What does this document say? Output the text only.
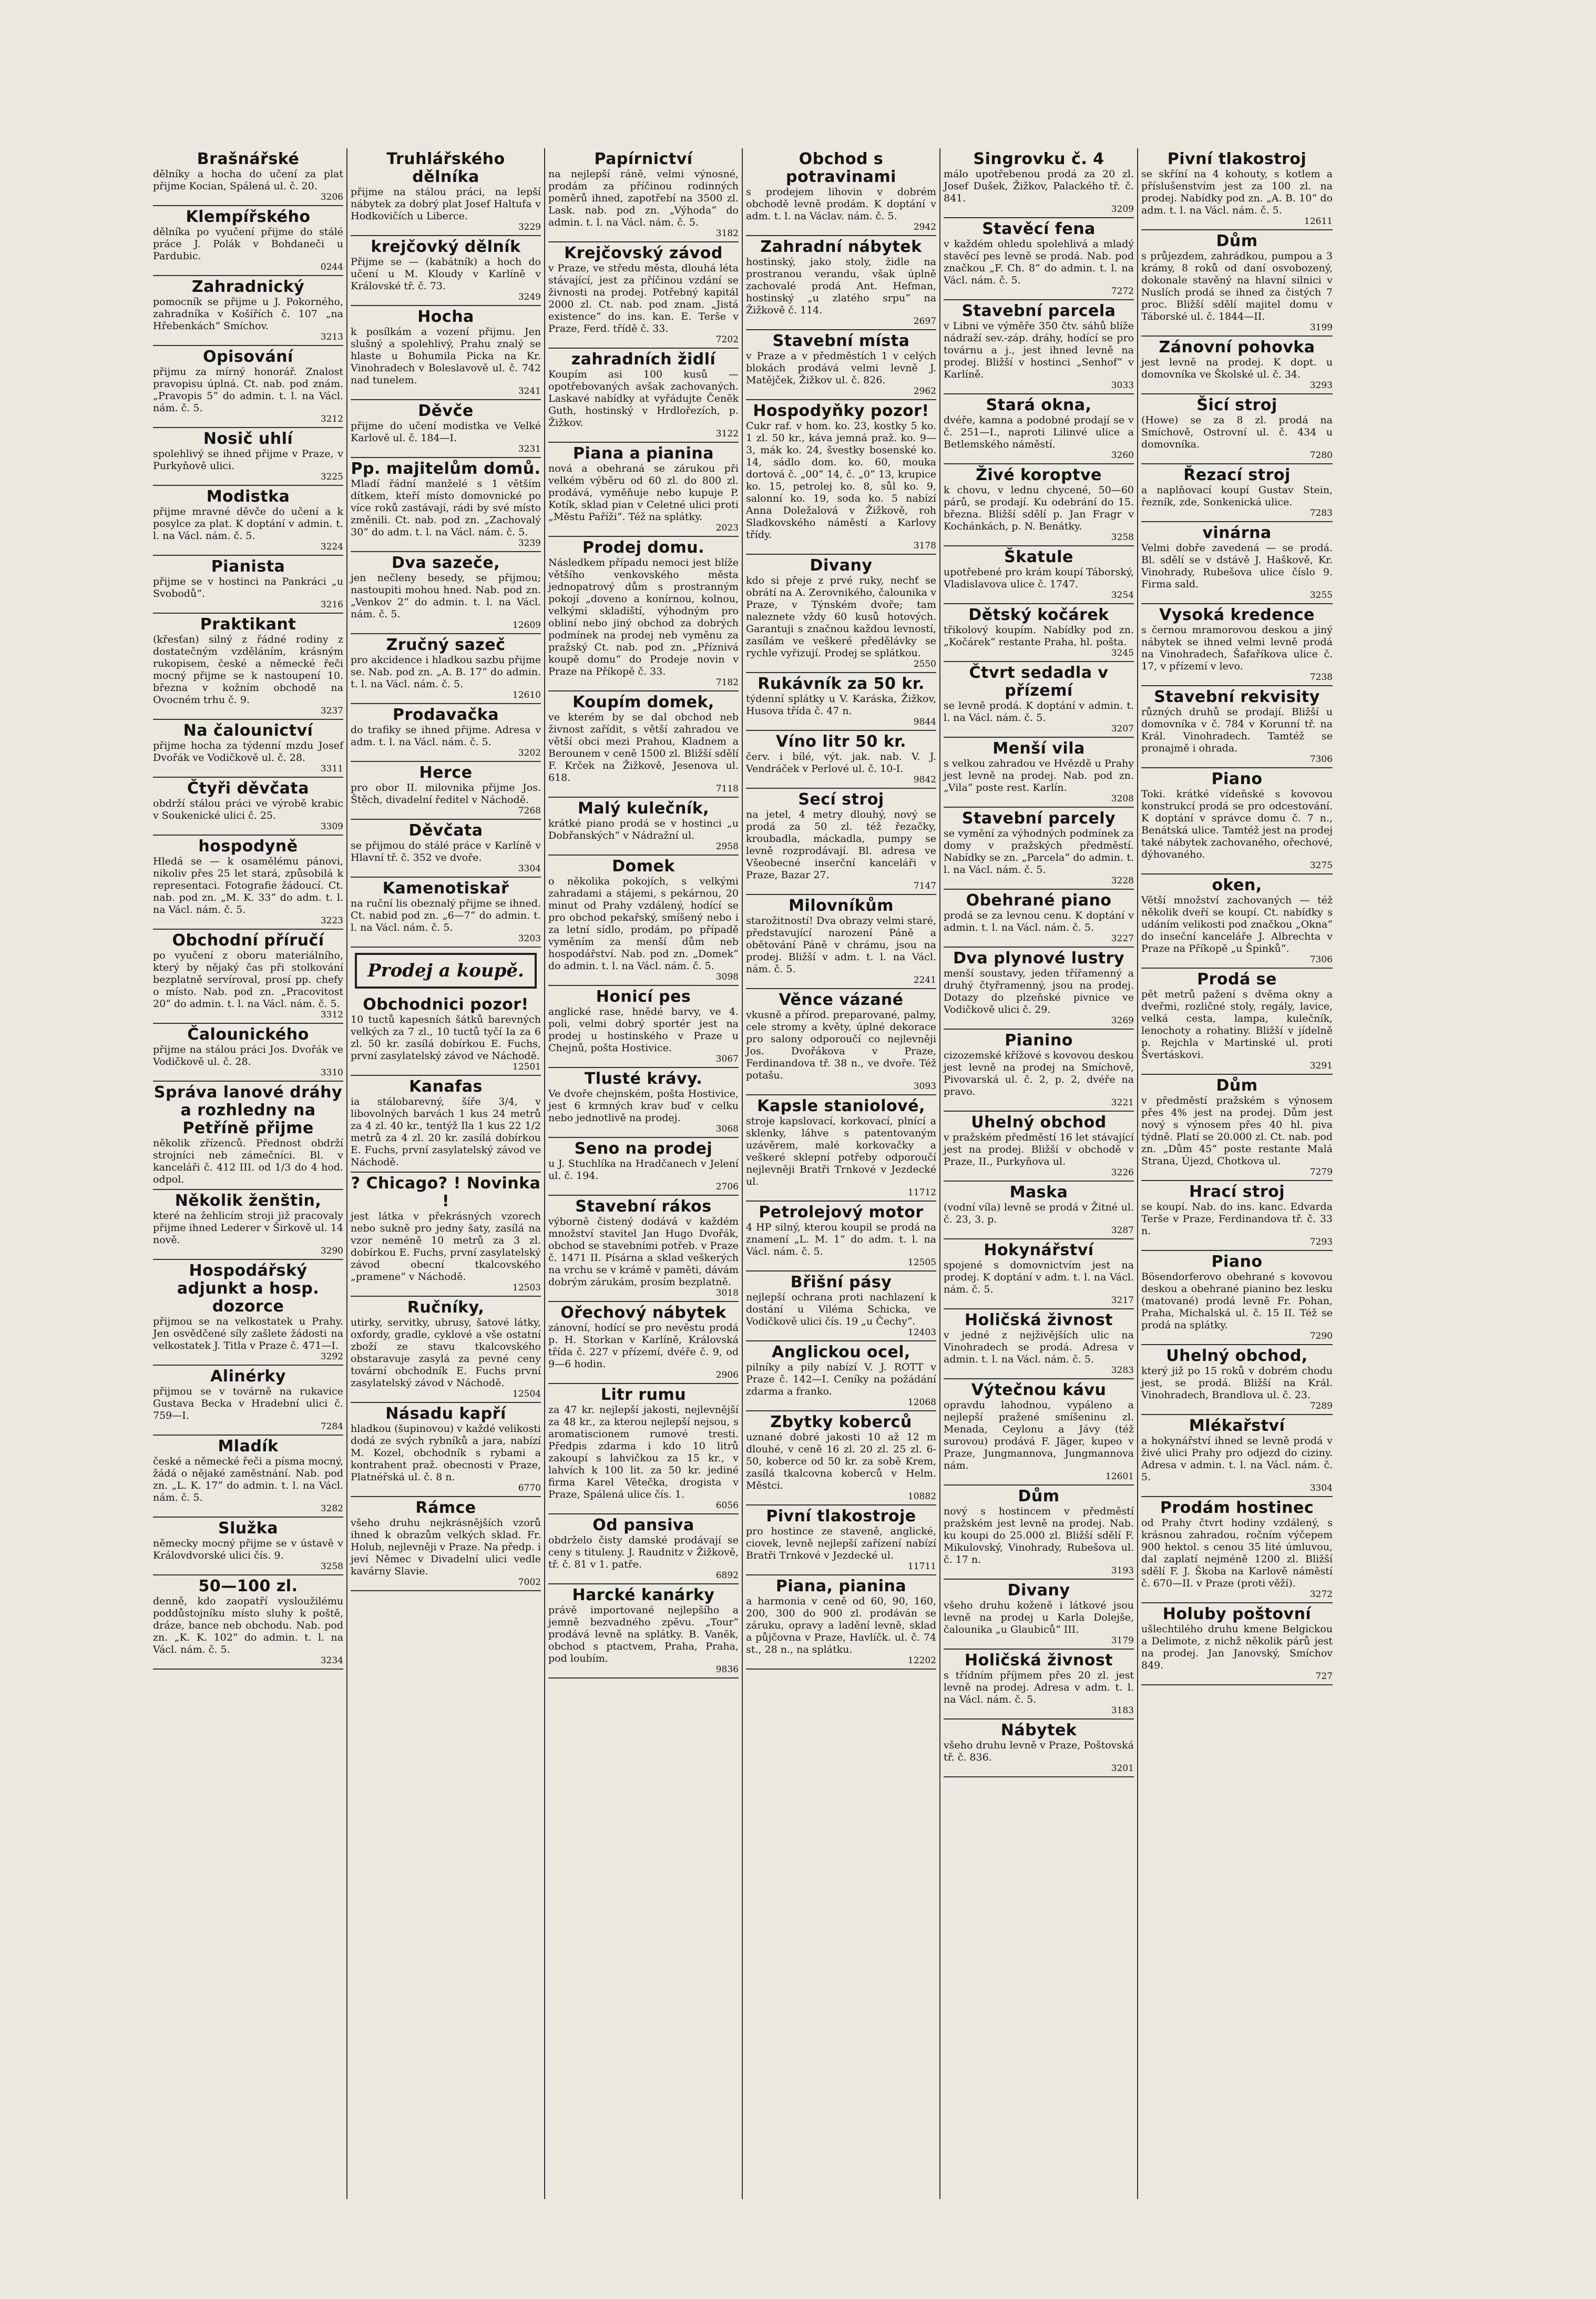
Brašnářské
dělníky a hocha do učení za plat přijme Kocian, Spálená ul. č. 20.
3206
Klempířského
dělníka po vyučení přijme do stálé práce J. Polák v Bohdaneči u Pardubic.
0244
Zahradnický
pomocník se přijme u J. Pokorného, zahradníka v Košířích č. 107 „na Hřebenkách“ Smíchov.
3213
Opisování
přijmu za mírný honorář. Znalost pravopisu úplná. Ct. nab. pod znám. „Pravopis 5“ do admin. t. l. na Václ. nám. č. 5.
3212
Nosič uhlí
spolehlivý se ihned přijme v Praze, v Purkyňově ulici.
3225
Modistka
přijme mravné děvče do učení a k posylce za plat. K doptání v admin. t. l. na Václ. nám. č. 5.
3224
Pianista
přijme se v hostinci na Pankráci „u Svobodů“.
3216
Praktikant
(křesťan) silný z řádné rodiny z dostatečným vzděláním, krásným rukopisem, české a německé řeči mocný přijme se k nastoupení 10. března v kožním obchodě na Ovocném trhu č. 9.
3237
Na čalounictví
přijme hocha za týdenní mzdu Josef Dvořák ve Vodičkově ul. č. 28.
3311
Čtyři děvčata
obdrží stálou práci ve výrobě krabic v Soukenické ulici č. 25.
3309
hospodyně
Hledá se — k osamělému pánovi, nikoliv přes 25 let stará, způsobilá k representaci. Fotografie žádoucí. Ct. nab. pod zn. „M. K. 33“ do adm. t. l. na Václ. nám. č. 5.
3223
Obchodní příručí
po vyučení z oboru materiálního, který by nějaký čas při stolkování bezplatně servíroval, prosí pp. chefy o místo. Nab. pod zn. „Pracovitost 20“ do admin. t. l. na Václ. nám. č. 5.
3312
Čalounického
přijme na stálou práci Jos. Dvořák ve Vodičkově ul. č. 28.
3310
Správa lanové dráhy a rozhledny na Petříně přijme
několik zřízenců. Přednost obdrží strojníci neb zámečníci. Bl. v kanceláři č. 412 III. od 1/3 do 4 hod. odpol.
Několik ženštin,
které na žehlicím stroji již pracovaly přijme ihned Lederer v Širkově ul. 14 nově.
3290
Hospodářský adjunkt a hosp. dozorce
přijmou se na velkostatek u Prahy. Jen osvědčené síly zašlete žádosti na velkostatek J. Titla v Praze č. 471—I.
3292
Alinérky
přijmou se v továrně na rukavice Gustava Becka v Hradební ulici č. 759—I.
7284
Mladík
české a německé řeči a písma mocný, žádá o nějaké zaměstnání. Nab. pod zn. „L. K. 17“ do admin. t. l. na Václ. nám. č. 5.
3282
Služka
německy mocný přijme se v ústavě v Královdvorské ulici čís. 9.
3258
50—100 zl.
denně, kdo zaopatří vysloužilému poddůstojníku místo sluhy k poště, dráze, bance neb obchodu. Nab. pod zn. „K. K. 102“ do admin. t. l. na Václ. nám. č. 5.
3234
Truhlářského dělníka
přijme na stálou práci, na lepší nábytek za dobrý plat Josef Haltufa v Hodkovičích u Liberce.
3229
krejčovký dělník
Přijme se — (kabátník) a hoch do učení u M. Kloudy v Karlíně v Královské tř. č. 73.
3249
Hocha
k posílkám a vození přijmu. Jen slušný a spolehlivý, Prahu znalý se hlaste u Bohumila Picka na Kr. Vinohradech v Boleslavově ul. č. 742 nad tunelem.
3241
Děvče
přijme do učení modistka ve Velké Karlově ul. č. 184—I.
3231
Pp. majitelům domů.
Mladí řádní manželé s 1 větším dítkem, kteří místo domovnické po více roků zastávají, rádi by své místo změnili. Ct. nab. pod zn. „Zachovalý 30“ do adm. t. l. na Václ. nám. č. 5.
3239
Dva sazeče,
jen nečleny besedy, se přijmou; nastoupiti mohou hned. Nab. pod zn. „Venkov 2“ do admin. t. l. na Václ. nám. č. 5.
12609
Zručný sazeč
pro akcidence i hladkou sazbu přijme se. Nab. pod zn. „A. B. 17“ do admin. t. l. na Václ. nám. č. 5.
12610
Prodavačka
do trafiky se ihned přijme. Adresa v adm. t. l. na Václ. nám. č. 5.
3202
Herce
pro obor II. milovnika přijme Jos. Štěch, divadelní ředitel v Náchodě.
7268
Děvčata
se přijmou do stálé práce v Karlíně v Hlavní tř. č. 352 ve dvoře.
3304
Kamenotiskař
na ruční lis obeznalý přijme se ihned. Ct. nabid pod zn. „6—7“ do admin. t. l. na Václ. nám. č. 5.
3203
Prodej a koupě.
Obchodnici pozor!
10 tuctů kapesních šátků barevných velkých za 7 zl., 10 tuctů tyčí Ia za 6 zl. 50 kr. zasílá dobírkou E. Fuchs, první zasylatelský závod ve Náchodě.
12501
Kanafas
ia stálobarevný, šíře 3/4, v libovolných barvách 1 kus 24 metrů za 4 zl. 40 kr., tentýž Ila 1 kus 22 1/2 metrů za 4 zl. 20 kr. zasílá dobírkou E. Fuchs, první zasylatelský závod ve Náchodě.
? Chicago? ! Novinka !
jest látka v překrásných vzorech nebo sukně pro jedny šaty, zasílá na vzor neméně 10 metrů za 3 zl. dobírkou E. Fuchs, první zasylatelský závod obecní tkalcovského „pramene“ v Náchodě.
12503
Ručníky,
utirky, servitky, ubrusy, šatové látky, oxfordy, gradle, cyklové a vše ostatní zboží ze stavu tkalcovského obstaravuje zasylá za pevné ceny tovární obchodník E. Fuchs první zasylatelský závod v Náchodě.
12504
Násadu kapří
hladkou (šupinovou) v každé velikosti dodá ze svých rybníků a jara, nabízí M. Kozel, obchodník s rybami a kontrahent praž. obecnosti v Praze, Platnéřská ul. č. 8 n.
6770
Rámce
všeho druhu nejkrásnějších vzorů ihned k obrazům velkých sklad. Fr. Holub, nejlevněji v Praze. Na předp. i jeví Němec v Divadelní ulici vedle kavárny Slavie.
7002
Papírnictví
na nejlepší ráně, velmi výnosné, prodám za příčinou rodinných poměrů ihned, zapotřebí na 3500 zl. Lask. nab. pod zn. „Výhoda“ do admin. t. l. na Václ. nám. č. 5.
3182
Krejčovský závod
v Praze, ve středu města, dlouhá léta stávající, jest za příčinou vzdání se živnosti na prodej. Potřebný kapitál 2000 zl. Ct. nab. pod znam. „Jistá existence“ do ins. kan. E. Terše v Praze, Ferd. třídě č. 33.
7202
zahradních židlí
Koupím asi 100 kusů — opotřebovaných avšak zachovaných. Laskavé nabídky at vyřádujte Čeněk Guth, hostinský v Hrdlořezích, p. Žižkov.
3122
Piana a pianina
nová a obehraná se zárukou při velkém výběru od 60 zl. do 800 zl. prodává, vyměňuje nebo kupuje P. Kotík, sklad pian v Celetné ulici proti „Městu Paříži“. Též na splátky.
2023
Prodej domu.
Následkem případu nemoci jest blíže většího venkovského města jednopatrový dům s prostranným pokojí „doveno a konírnou, kolnou, velkými skladiští, výhodným pro obliní nebo jiný obchod za dobrých podmínek na prodej neb vyměnu za pražský Ct. nab. pod zn. „Příznivá koupě domu“ do Prodeje novin v Praze na Příkopě č. 33.
7182
Koupím domek,
ve kterém by se dal obchod neb živnost zařídit, s větší zahradou ve větší obci mezi Prahou, Kladnem a Berounem v ceně 1500 zl. Bližší sdělí F. Krček na Žižkově, Jesenova ul. 618.
7118
Malý kulečník,
krátké piano prodá se v hostinci „u Dobřanských“ v Nádražní ul.
2958
Domek
o několika pokojích, s velkými zahradami a stájemi, s pekárnou, 20 minut od Prahy vzdálený, hodící se pro obchod pekařský, smíšený nebo i za letní sídlo, prodám, po případě vyměním za menší dům neb hospodářství. Nab. pod zn. „Domek“ do admin. t. l. na Václ. nám. č. 5.
3098
Honicí pes
anglické rase, hnědé barvy, ve 4. poli, velmi dobrý sportér jest na prodej u hostinského v Praze u Chejnů, pošta Hostivice.
3067
Tlusté krávy.
Ve dvoře chejnském, pošta Hostivice, jest 6 krmných krav buď v celku nebo jednotlivě na prodej.
3068
Seno na prodej
u J. Stuchlíka na Hradčanech v Jelení ul. č. 194.
2706
Stavební rákos
výborně čistený dodává v každém množství stavitel Jan Hugo Dvořák, obchod se stavebními potřeb. v Praze č. 1471 II. Písárna a sklad veškerých na vrchu se v krámě v paměti, dávám dobrým zárukám, prosím bezplatně.
3018
Ořechový nábytek
zánovní, hodící se pro nevěstu prodá p. H. Storkan v Karlíně, Královská třída č. 227 v přízemí, dvéře č. 9, od 9—6 hodin.
2906
Litr rumu
za 47 kr. nejlepší jakosti, nejlevnější za 48 kr., za kterou nejlepší nejsou, s aromatiscionem rumové tresti. Předpis zdarma i kdo 10 litrů zakoupí s lahvičkou za 15 kr., v lahvích k 100 lit. za 50 kr. jediné firma Karel Větečka, drogista v Praze, Spálená ulice čís. 1.
6056
Od pansiva
obdrželo čisty damské prodávají se ceny s tituleny. J. Raudnitz v Žižkově, tř. č. 81 v 1. patře.
6892
Harcké kanárky
právě importované nejlepšího a jemně bezvadného zpěvu. „Tour“ prodává levně na splátky. B. Vaněk, obchod s ptactvem, Praha, Praha, pod loubím.
9836
Obchod s potravinami
s prodejem lihovin v dobrém obchodě levně prodám. K doptání v adm. t. l. na Václav. nám. č. 5.
2942
Zahradní nábytek
hostinský, jako stoly, židle na prostranou verandu, však úplně zachovalé prodá Ant. Hefman, hostinský „u zlatého srpu“ na Žižkově č. 114.
2697
Stavební místa
v Praze a v předměstích 1 v celých blokách prodává velmi levně J. Matějček, Žižkov ul. č. 826.
2962
Hospodyňky pozor!
Cukr raf. v hom. ko. 23, kostky 5 ko. 1 zl. 50 kr., káva jemná praž. ko. 9—3, mák ko. 24, švestky bosenské ko. 14, sádlo dom. ko. 60, mouka dortová č. „00“ 14, č. „0“ 13, krupice ko. 15, petrolej ko. 8, sůl ko. 9, salonní ko. 19, soda ko. 5 nabízí Anna Doležalová v Žižkově, roh Sladkovského náměstí a Karlovy třídy.
3178
Divany
kdo si přeje z prvé ruky, nechť se obrátí na A. Zerovnikého, čalounika v Praze, v Týnském dvoře; tam naleznete vždy 60 kusů hotových. Garantuji s značnou každou levností, zasílám ve veškeré předělávky se rychle vyřizují. Prodej se splátkou.
2550
Rukávník za 50 kr.
týdenní splátky u V. Karáska, Žižkov, Husova třída č. 47 n.
9844
Víno litr 50 kr.
červ. i bílé, výt. jak. nab. V. J. Vendráček v Perlové ul. č. 10-I.
9842
Secí stroj
na jetel, 4 metry dlouhý, nový se prodá za 50 zl. též řezačky, kroubadla, máckadla, pumpy se levně rozprodávají. Bl. adresa ve Všeobecné inserční kanceláři v Praze, Bazar 27.
7147
Milovníkům
starožitností! Dva obrazy velmi staré, představující narození Páně a obětování Páně v chrámu, jsou na prodej. Bližší v adm. t. l. na Václ. nám. č. 5.
2241
Věnce vázané
vkusně a přírod. preparované, palmy, cele stromy a květy, úplné dekorace pro salony odporoučí co nejlevněji Jos. Dvořákova v Praze, Ferdinandova tř. 38 n., ve dvoře. Též potašu.
3093
Kapsle staniolové,
stroje kapslovací, korkovací, plnící a sklenky, láhve s patentovaným uzávěrem, malé korkovačky a veškeré sklepní potřeby odporoučí nejlevněji Bratři Trnkové v Jezdecké ul.
11712
Petrolejový motor
4 HP silný, kterou koupil se prodá na znamení „L. M. 1“ do adm. t. l. na Václ. nám. č. 5.
12505
Břišní pásy
nejlepší ochrana proti nachlazení k dostání u Viléma Schicka, ve Vodičkově ulici čís. 19 „u Čechy“.
12403
Anglickou ocel,
pilníky a pily nabízí V. J. ROTT v Praze č. 142—I. Ceníky na požádání zdarma a franko.
12068
Zbytky koberců
uznané dobré jakosti 10 až 12 m dlouhé, v ceně 16 zl. 20 zl. 25 zl. 6-50, koberce od 50 kr. za sobě Krem, zasílá tkalcovna koberců v Helm. Městci.
10882
Pivní tlakostroje
pro hostince ze staveně, anglické, ciovek, levně nejlepší zařízení nabízí Bratři Trnkové v Jezdecké ul.
11711
Piana, pianina
a harmonia v ceně od 60, 90, 160, 200, 300 do 900 zl. prodáván se záruku, opravy a ladění levně, sklad a půjčovna v Praze, Havlíčk. ul. č. 74 st., 28 n., na splátku.
12202
Singrovku č. 4
málo upotřebenou prodá za 20 zl. Josef Dušek, Žižkov, Palackého tř. č. 841.
3209
Stavěcí fena
v každém ohledu spolehlivá a mladý stavěcí pes levně se prodá. Nab. pod značkou „F. Ch. 8“ do admin. t. l. na Václ. nám. č. 5.
7272
Stavební parcela
v Libni ve výměře 350 čtv. sáhů blíže nádraží sev.-záp. dráhy, hodící se pro továrnu a j., jest ihned levně na prodej. Bližší v hostinci „Senhof“ v Karlíně.
3033
Stará okna,
dvéře, kamna a podobné prodají se v č. 251—I., naproti Lilinvé ulice a Betlemského náměstí.
3260
Živé koroptve
k chovu, v lednu chycené, 50—60 párů, se prodají. Ku odebrání do 15. března. Bližší sdělí p. Jan Fragr v Kochánkách, p. N. Benátky.
3258
Škatule
upotřebené pro krám koupí Táborský, Vladislavova ulice č. 1747.
3254
Dětský kočárek
třikolový koupím. Nabídky pod zn. „Kočárek“ restante Praha, hl. pošta.
3245
Čtvrt sedadla v přízemí
se levně prodá. K doptání v admin. t. l. na Václ. nám. č. 5.
3207
Menší vila
s velkou zahradou ve Hvězdě u Prahy jest levně na prodej. Nab. pod zn. „Vila“ poste rest. Karlín.
3208
Stavební parcely
se vymění za výhodných podmínek za domy v pražských předměstí. Nabídky se zn. „Parcela“ do admin. t. l. na Václ. nám. č. 5.
3228
Obehrané piano
prodá se za levnou cenu. K doptání v admin. t. l. na Václ. nám. č. 5.
3227
Dva plynové lustry
menší soustavy, jeden třířamenný a druhý čtyřramenný, jsou na prodej. Dotazy do plzeňské pivnice ve Vodičkově ulici č. 29.
3269
Pianino
cizozemské křížové s kovovou deskou jest levně na prodej na Smíchově, Pivovarská ul. č. 2, p. 2, dvéře na pravo.
3221
Uhelný obchod
v pražském předměstí 16 let stávající jest na prodej. Bližší v obchodě v Praze, II., Purkyňova ul.
3226
Maska
(vodní víla) levně se prodá v Žitné ul. č. 23, 3. p.
3287
Hokynářství
spojené s domovnictvím jest na prodej. K doptání v adm. t. l. na Václ. nám. č. 5.
3217
Holičská živnost
v jedné z nejživějších ulic na Vinohradech se prodá. Adresa v admin. t. l. na Václ. nám. č. 5.
3283
Výtečnou kávu
opravdu lahodnou, vypáleno a nejlepší pražené smíšeninu zl. Menada, Ceylonu a Jávy (též surovou) prodává F. Jäger, kupeo v Praze, Jungmannova, Jungmannova nám.
12601
Dům
nový s hostincem v předměstí pražském jest levně na prodej. Nab. ku koupi do 25.000 zl. Bližší sdělí F. Mikulovský, Vinohrady, Rubešova ul. č. 17 n.
3193
Divany
všeho druhu koženě i látkové jsou levně na prodej u Karla Dolejše, čalounika „u Glaubiců“ III.
3179
Holičská živnost
s třídním příjmem přes 20 zl. jest levně na prodej. Adresa v adm. t. l. na Václ. nám. č. 5.
3183
Nábytek
všeho druhu levně v Praze, Poštovská tř. č. 836.
3201
Pivní tlakostroj
se skříní na 4 kohouty, s kotlem a příslušenstvím jest za 100 zl. na prodej. Nabídky pod zn. „A. B. 10“ do adm. t. l. na Václ. nám. č. 5.
12611
Dům
s průjezdem, zahrádkou, pumpou a 3 krámy, 8 roků od daní osvobozený, dokonale stavěný na hlavní silnici v Nuslích prodá se ihned za čistých 7 proc. Bližší sdělí majitel domu v Táborské ul. č. 1844—II.
3199
Zánovní pohovka
jest levně na prodej. K dopt. u domovníka ve Školské ul. č. 34.
3293
Šicí stroj
(Howe) se za 8 zl. prodá na Smíchově, Ostrovní ul. č. 434 u domovníka.
7280
Řezací stroj
a naplňovací koupí Gustav Stein, řezník, zde, Sonkenická ulice.
7283
vinárna
Velmi dobře zavedená — se prodá. Bl. sdělí se v dstávě J. Haškově, Kr. Vinohrady, Rubešova ulice číslo 9. Firma sald.
3255
Vysoká kredence
s černou mramorovou deskou a jiný nábytek se ihned velmi levně prodá na Vinohradech, Šafaříkova ulice č. 17, v přízemí v levo.
7238
Stavební rekvisity
různých druhů se prodají. Bližší u domovníka v č. 784 v Korunní tř. na Král. Vinohradech. Tamtéž se pronajmě i ohrada.
7306
Piano
Toki. krátké vídeňské s kovovou konstrukcí prodá se pro odcestování. K doptání v správce domu č. 7 n., Benátská ulice. Tamtéž jest na prodej také nábytek zachovaného, ořechové, dýhovaného.
3275
oken,
Větší množství zachovaných — též několik dveří se koupí. Ct. nabídky s udáním velikosti pod značkou „Okna“ do inseční kanceláře J. Albrechta v Praze na Příkopě „u Špinků“.
7306
Prodá se
pět metrů pažení s dvěma okny a dveřmi, rozličné stoly, regály, lavice, velká cesta, lampa, kulečník, lenochoty a rohatiny. Bližší v jídelně p. Rejchla v Martinské ul. proti Švertáskovi.
3291
Dům
v předměstí pražském s výnosem přes 4% jest na prodej. Dům jest nový s výnosem přes 40 hl. piva týdně. Platí se 20.000 zl. Ct. nab. pod zn. „Dům 45“ poste restante Malá Strana, Újezd, Chotkova ul.
7279
Hrací stroj
se koupí. Nab. do ins. kanc. Edvarda Terše v Praze, Ferdinandova tř. č. 33 n.
7293
Piano
Bösendorferovo obehrané s kovovou deskou a obehrané pianino bez lesku (matované) prodá levně Fr. Pohan, Praha, Michalská ul. č. 15 II. Též se prodá na splátky.
7290
Uhelný obchod,
který již po 15 roků v dobrém chodu jest, se prodá. Bližší na Král. Vinohradech, Brandlova ul. č. 23.
7289
Mlékařství
a hokynářství ihned se levně prodá v živé ulici Prahy pro odjezd do ciziny. Adresa v admin. t. l. na Václ. nám. č. 5.
3304
Prodám hostinec
od Prahy čtvrt hodiny vzdálený, s krásnou zahradou, ročním výčepem 900 hektol. s cenou 35 lité úmluvou, dal zaplatí nejméně 1200 zl. Bližší sdělí F. J. Škoba na Karlově náměstí č. 670—II. v Praze (proti věží).
3272
Holuby poštovní
ušlechtilého druhu kmene Belgickou a Delimote, z nichž několik párů jest na prodej. Jan Janovský, Smíchov 849.
727
